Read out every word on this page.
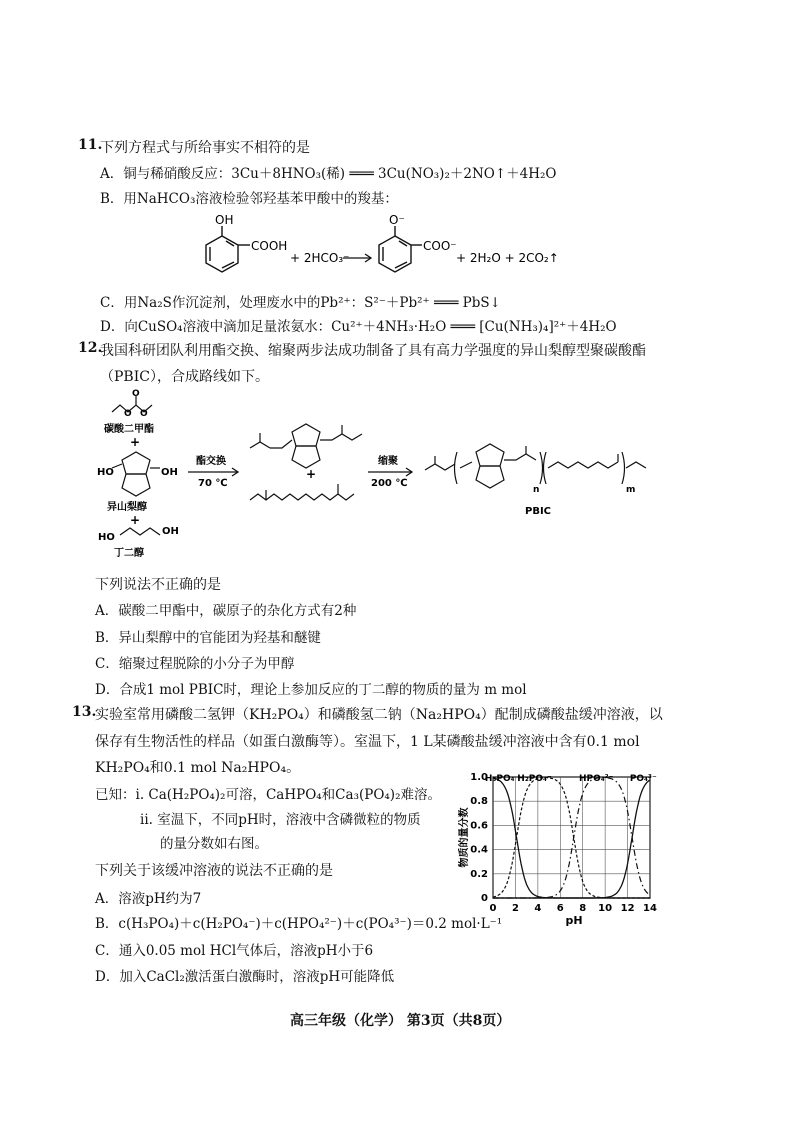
11.
下列方程式与所给事实不相符的是
A．铜与稀硝酸反应：3Cu＋8HNO₃(稀) ═══ 3Cu(NO₃)₂＋2NO↑＋4H₂O
B．用NaHCO₃溶液检验邻羟基苯甲酸中的羧基：
OH
COOH
+ 2HCO₃⁻
O⁻
COO⁻
+ 2H₂O + 2CO₂↑
C．用Na₂S作沉淀剂，处理废水中的Pb²⁺：S²⁻＋Pb²⁺ ═══ PbS↓
D．向CuSO₄溶液中滴加足量浓氨水：Cu²⁺＋4NH₃·H₂O ═══ [Cu(NH₃)₄]²⁺＋4H₂O
12.
我国科研团队利用酯交换、缩聚两步法成功制备了具有高力学强度的异山梨醇型聚碳酸酯
（PBIC），合成路线如下。
O
O O
碳酸二甲酯
+
HO	OH
异山梨醇
+
HO
OH
丁二醇
酯交换
70 ℃
+
缩聚
200 ℃
n	m
PBIC
下列说法不正确的是
A．碳酸二甲酯中，碳原子的杂化方式有2种
B．异山梨醇中的官能团为羟基和醚键
C．缩聚过程脱除的小分子为甲醇
D．合成1 mol PBIC时，理论上参加反应的丁二醇的物质的量为 m mol
13.
实验室常用磷酸二氢钾（KH₂PO₄）和磷酸氢二钠（Na₂HPO₄）配制成磷酸盐缓冲溶液，以
保存有生物活性的样品（如蛋白激酶等）。室温下，1 L某磷酸盐缓冲溶液中含有0.1 mol
KH₂PO₄和0.1 mol Na₂HPO₄。
已知：i. Ca(H₂PO₄)₂可溶，CaHPO₄和Ca₃(PO₄)₂难溶。
ii. 室温下，不同pH时，溶液中含磷微粒的物质
的量分数如右图。
下列关于该缓冲溶液的说法不正确的是
A．溶液pH约为7
B．c(H₃PO₄)＋c(H₂PO₄⁻)＋c(HPO₄²⁻)＋c(PO₄³⁻)＝0.2 mol·L⁻¹
C．通入0.05 mol HCl气体后，溶液pH小于6
D．加入CaCl₂激活蛋白激酶时，溶液pH可能降低
0 2 4 6 8 10 12 14
0
0.2
0.4
0.6
0.8
1.0
H₃PO₄ H₂PO₄⁻	HPO₄²⁻ PO₄³⁻
pH
物质的量分数
高三年级（化学） 第3页（共8页）
